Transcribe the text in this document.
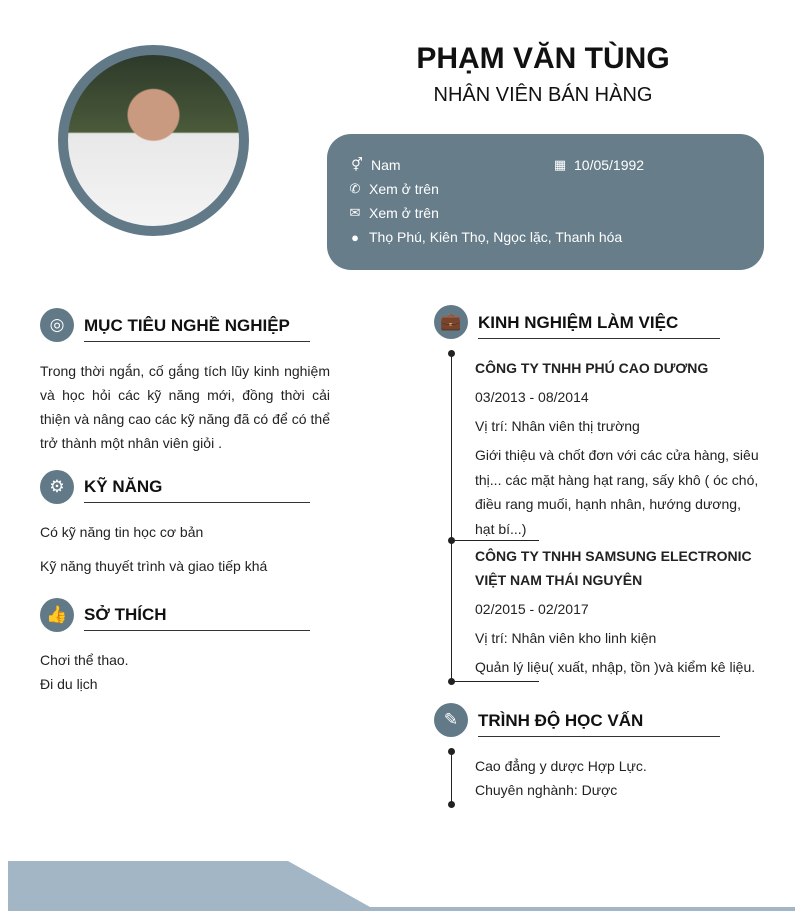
PHẠM VĂN TÙNG
NHÂN VIÊN BÁN HÀNG
⚥ Nam	▦ 10/05/1992
✆ Xem ở trên
✉ Xem ở trên
● Thọ Phú, Kiên Thọ, Ngọc lặc, Thanh hóa
◎	MỤC TIÊU NGHỀ NGHIỆP
Trong thời ngắn, cố gắng tích lũy kinh nghiệm và học hỏi các kỹ năng mới, đồng thời cải thiện và nâng cao các kỹ năng đã có để có thể trở thành một nhân viên giỏi .
⚙	KỸ NĂNG
Có kỹ năng tin học cơ bản
Kỹ năng thuyết trình và giao tiếp khá
👍 SỞ THÍCH
Chơi thể thao.
Đi du lịch
💼 KINH NGHIỆM LÀM VIỆC
CÔNG TY TNHH PHÚ CAO DƯƠNG
03/2013 - 08/2014
Vị trí: Nhân viên thị trường
Giới thiệu và chốt đơn với các cửa hàng, siêu thị... các mặt hàng hạt rang, sấy khô ( óc chó, điều rang muối, hạnh nhân, hướng dương, hạt bí...)
CÔNG TY TNHH SAMSUNG ELECTRONIC VIỆT NAM THÁI NGUYÊN
02/2015 - 02/2017
Vị trí: Nhân viên kho linh kiện
Quản lý liệu( xuất, nhập, tồn )và kiểm kê liệu.
✎	TRÌNH ĐỘ HỌC VẤN
Cao đẳng y dược Hợp Lực.
Chuyên nghành: Dược
